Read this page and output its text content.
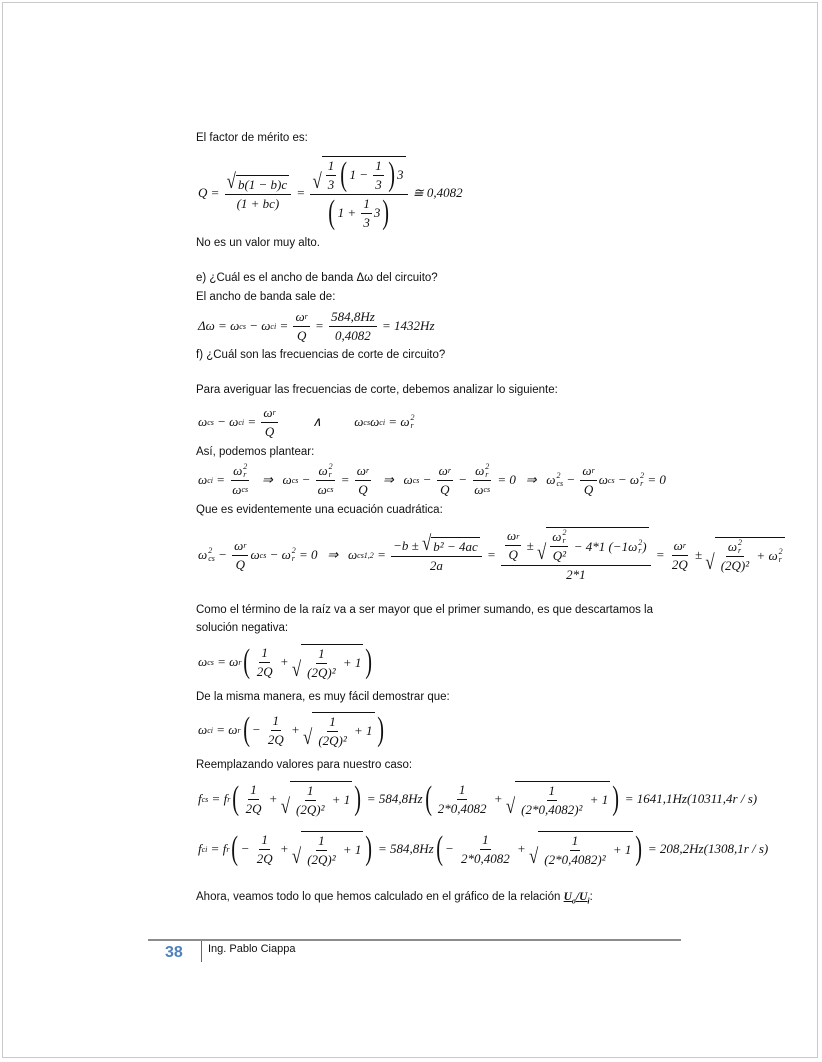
El factor de mérito es:
$Q = \frac{√ b(1 - b)c}{(1 + bc)} = \frac{√ \frac{1}{3} ( 1 - \frac{1}{3} ) 3}{( 1 + \frac{1}{3} 3 )}$ ≅ 0,4082
No es un valor muy alto.
e) ¿Cuál es el ancho de banda Δω del circuito?
El ancho de banda sale de:
Δω = ω cs − ω ci = $\frac{\text{ω r}}{Q} = \frac{584,8Hz}{0,4082} = 1432Hz$
f) ¿Cuál son las frecuencias de corte de circuito?
Para averiguar las frecuencias de corte, debemos analizar lo siguiente:
ω cs − ω ci = $\frac{\text{ω r}}{Q}$ ∧ ω cs ω ci = ω 2
r
Así, podemos plantear:
ω ci = ω 2
r
ω cs ⇒ ω cs − ω 2
r
ω cs = $\frac{\text{ω r}}{Q}$ ⇒ ω cs − $\frac{\text{ω r}}{Q} - \omega$ 2
r
ω cs = 0   ⇒ ω 2
cs − $\frac{\text{ω r}}{Q}$ ω cs − ω 2
r = 0
Que es evidentemente una ecuación cuadrática:
ω 2
cs − $\frac{\text{ω r}}{Q}$ ω cs − ω 2
r = 0   ⇒ ω $cs1,2 = \frac{\text{−b ± √ b² − 4ac}}{2a} = \frac{\text{ω r}}{Q}$ ± √ ω 2
r
Q² − 4*1 (−1 ω 2
r )
$2*1 = \frac{\text{ω r}}{2Q}$ ± √ ω 2
r
(2Q)² + ω 2
r
Como el término de la raíz va a ser mayor que el primer sumando, es que descartamos la
solución negativa:
ω cs = ω r ( $\frac{1}{2Q}$ + √ $\frac{1}{\text{(2Q)²}} + 1$ )
De la misma manera, es muy fácil demostrar que:
ω ci = ω r ( − $\frac{1}{2Q}$ + √ $\frac{1}{\text{(2Q)²}} + 1$ )
Reemplazando valores para nuestro caso:
f cs = f r ( $\frac{1}{2Q}$ + √ $\frac{1}{\text{(2Q)²}} + 1$ ) = 584,8Hz ( $\frac{1}{2*0,4082}$ + √ $\frac{1}{\text{(2*0,4082)²}} + 1$ ) = 1641,1Hz(10311,4r / s)
f ci = f r ( − $\frac{1}{2Q}$ + √ $\frac{1}{\text{(2Q)²}} + 1$ ) = 584,8Hz ( − $\frac{1}{2*0,4082}$ + √ $\frac{1}{\text{(2*0,4082)²}} + 1$ ) = 208,2Hz(1308,1r / s)
Ahora, veamos todo lo que hemos calculado en el gráfico de la relación $U_o/U_i$:
38 Ing. Pablo Ciappa
